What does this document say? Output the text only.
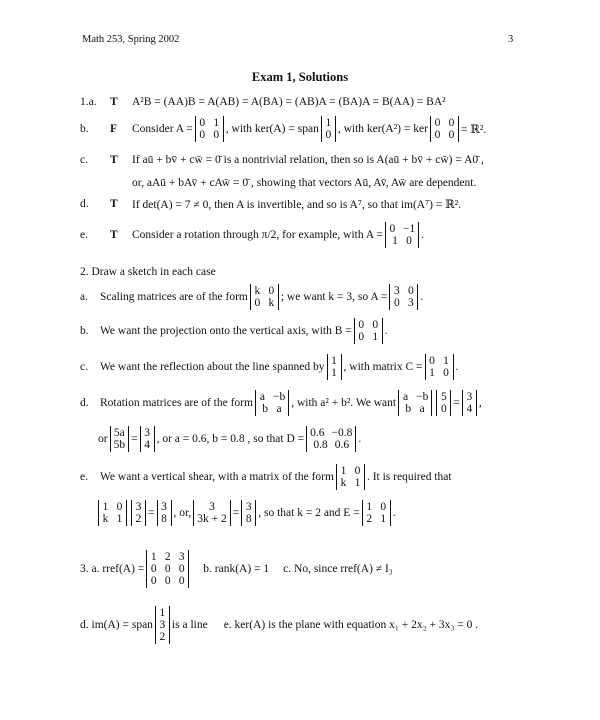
Math 253, Spring 2002	3
Exam 1, Solutions
1.a.	T	A²B = (AA)B = A(AB) = A(BA) = (AB)A = (BA)A = B(AA) = BA²
b.	F	Consider A = 0 1
0 0 , with ker(A) = span 1
0 , with ker(A²) = ker 0 0
0 0 = ℝ².
c.	T	If aū + bv̄ + cw̄ = 0̄ is a nontrivial relation, then so is A(aū + bv̄ + cw̄) = A0̄ ,
or, aAū + bAv̄ + cAw̄ = 0̄ , showing that vectors Aū, Av̄, Aw̄ are dependent.
d.	T	If det(A) = 7 ≠ 0, then A is invertible, and so is A⁷, so that im(A⁷) = ℝ².
e.	T	Consider a rotation through π/2, for example, with A = 0 −1
1 0 .
2. Draw a sketch in each case
a.	Scaling matrices are of the form k 0
0 k ; we want k = 3, so A = 3 0
0 3 .
b. We want the projection onto the vertical axis, with B = 0 0
0 1 .
c.	We want the reflection about the line spanned by 1
1 , with matrix C = 0 1
1 0 .
d. Rotation matrices are of the form a −b
b a , with a² + b². We want a −b
b a
5
0 = 3
4 ,
or 5a
5b = 3
4 , or a = 0.6, b = 0.8 , so that D = 0.6 −0.8
0.8 0.6 .
e.	We want a vertical shear, with a matrix of the form 1 0
k 1 . It is required that
1 0
k 1
3
2 = 3
8 , or, 3
3k + 2 = 3
8 , so that k = 2 and E = 1 0
2 1 .
3. a. rref(A) =
1 2 3
0 0 0
0 0 0
b. rank(A) = 1 c. No, since rref(A) ≠ I₃
d. im(A) = span
1
3
2
is a line e. ker(A) is the plane with equation x₁ + 2x₂ + 3x₃ = 0 .
